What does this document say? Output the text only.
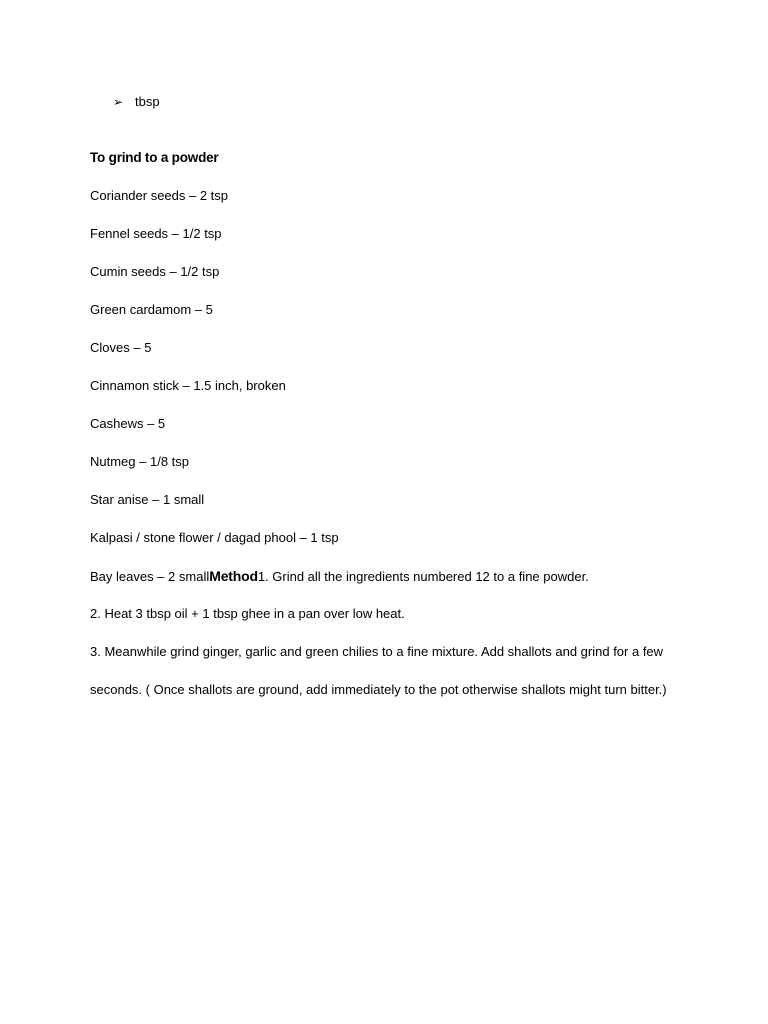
➢ tbsp
To grind to a powder
Coriander seeds – 2 tsp
Fennel seeds – 1/2 tsp
Cumin seeds – 1/2 tsp
Green cardamom – 5
Cloves – 5
Cinnamon stick – 1.5 inch, broken
Cashews – 5
Nutmeg – 1/8 tsp
Star anise – 1 small
Kalpasi / stone flower / dagad phool – 1 tsp
Bay leaves – 2 smallMethod1. Grind all the ingredients numbered 12 to a fine powder.
2. Heat 3 tbsp oil + 1 tbsp ghee in a pan over low heat.
3. Meanwhile grind ginger, garlic and green chilies to a fine mixture. Add shallots and grind for a few seconds. ( Once shallots are ground, add immediately to the pot otherwise shallots might turn bitter.)
